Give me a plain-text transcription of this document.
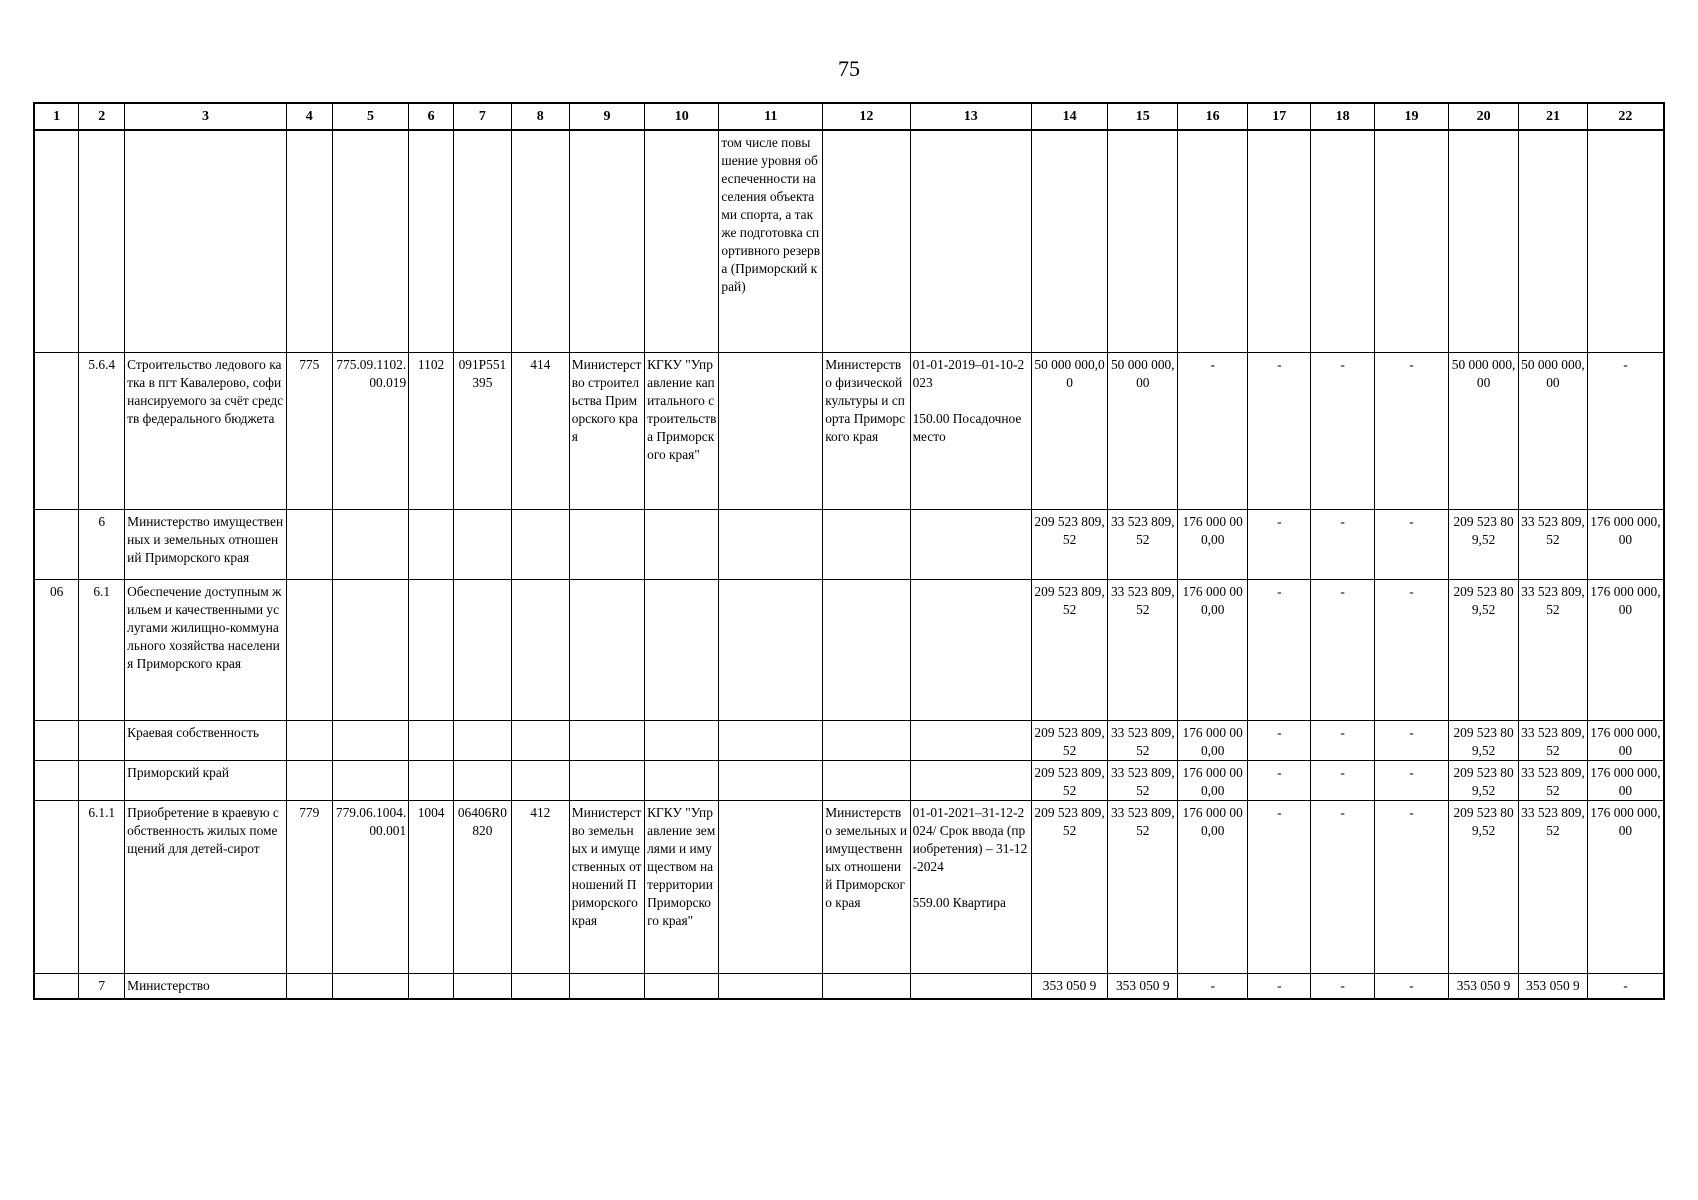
75
1	2	3	4	5	6	7	8	9	10	11	12	13	14	15	16	17	18	19	20	21	22
										том числе повышение уровня обеспеченности населения объектами спорта, а также подготовка спортивного резерва (Приморский край)											
	5.6.4	Строительство ледового катка в пгт Кавалерово, софинансируемого за счёт средств федерального бюджета	775	775.09.1102.00.019	1102	091P551395	414	Министерство строительства Приморского края	КГКУ "Управление капитального строительства Приморского края"		Министерство физической культуры и спорта Приморского края	01-01-2019–01-10-2023

150.00 Посадочное место	50 000 000,00	50 000 000,00	-	-	-	-	50 000 000,00	50 000 000,00	-
	6	Министерство имущественных и земельных отношений Приморского края											209 523 809,52	33 523 809,52	176 000 000,00	-	-	-	209 523 809,52	33 523 809,52	176 000 000,00
06	6.1	Обеспечение доступным жильем и качественными услугами жилищно-коммунального хозяйства населения Приморского края											209 523 809,52	33 523 809,52	176 000 000,00	-	-	-	209 523 809,52	33 523 809,52	176 000 000,00
		Краевая собственность											209 523 809,52	33 523 809,52	176 000 000,00	-	-	-	209 523 809,52	33 523 809,52	176 000 000,00
		Приморский край											209 523 809,52	33 523 809,52	176 000 000,00	-	-	-	209 523 809,52	33 523 809,52	176 000 000,00
	6.1.1	Приобретение в краевую собственность жилых помещений для детей-сирот	779	779.06.1004.00.001	1004	06406R0820	412	Министерство земельных и имущественных отношений Приморского края	КГКУ "Управление землями и имуществом на территории Приморского края"		Министерство земельных и имущественных отношений Приморского края	01-01-2021–31-12-2024/ Срок ввода (приобретения) – 31-12-2024

559.00 Квартира	209 523 809,52	33 523 809,52	176 000 000,00	-	-	-	209 523 809,52	33 523 809,52	176 000 000,00
	7	Министерство											353 050 9	353 050 9	-	-	-	-	353 050 9	353 050 9	-
